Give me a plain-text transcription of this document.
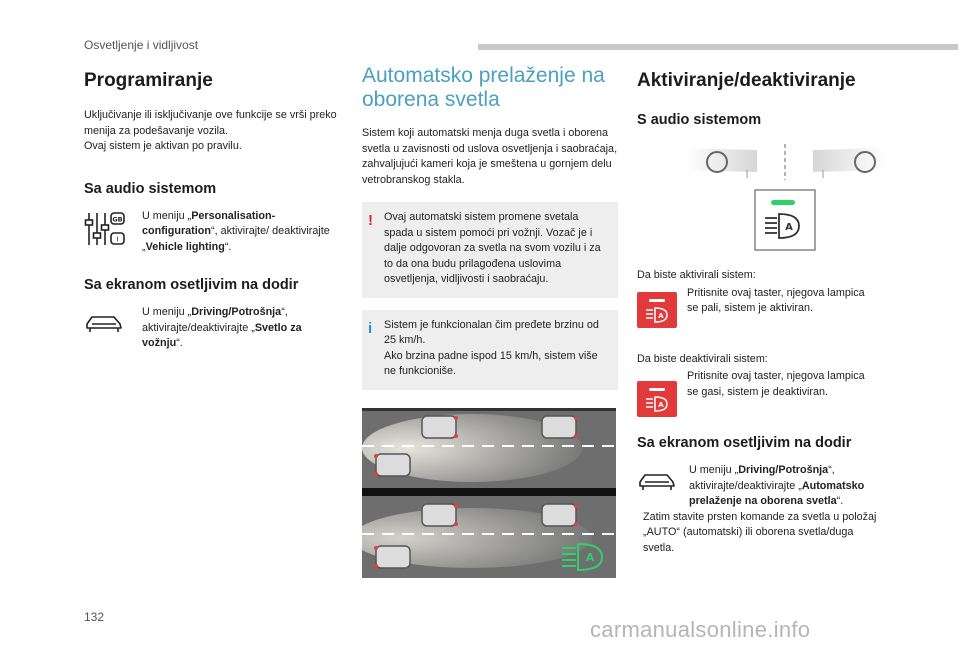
Osvetljenje i vidljivost
Programiranje

Uključivanje ili isključivanje ove funkcije se vrši preko menija za podešavanje vozila.
Ovaj sistem je aktivan po pravilu.

Sa audio sistemom
GB
I

U meniju „Personalisation-configuration“, aktivirajte/ deaktivirajte „Vehicle lighting“.

Sa ekranom osetljivim na dodir

U meniju „Driving/Potrošnja“, aktivirajte/deaktivirajte „Svetlo za vožnju“.

Automatsko prelaženje na oborena svetla

Sistem koji automatski menja duga svetla i oborena svetla u zavisnosti od uslova osvetljenja i saobraćaja, zahvaljujući kameri koja je smeštena u gornjem delu vetrobranskog stakla.

! Ovaj automatski sistem promene svetala spada u sistem pomoći pri vožnji. Vozač je i dalje odgovoran za svetla na svom vozilu i za to da ona budu prilagođena uslovima osvetljenja, vidljivosti i saobraćaju.

i Sistem je funkcionalan čim pređete brzinu od 25 km/h.
Ako brzina padne ispod 15 km/h, sistem više ne funkcioniše.

A
Aktiviranje/deaktiviranje
S audio sistemom
A

Da biste aktivirali sistem:

A

Pritisnite ovaj taster, njegova lampica se pali, sistem je aktiviran.

Da biste deaktivirali sistem:

A

Pritisnite ovaj taster, njegova lampica se gasi, sistem je deaktiviran.

Sa ekranom osetljivim na dodir

U meniju „Driving/Potrošnja“, aktivirajte/deaktivirajte „Automatsko prelaženje na oborena svetla“.

Zatim stavite prsten komande za svetla u položaj „AUTO“ (automatski) ili oborena svetla/duga svetla.

132	carmanualsonline.info
